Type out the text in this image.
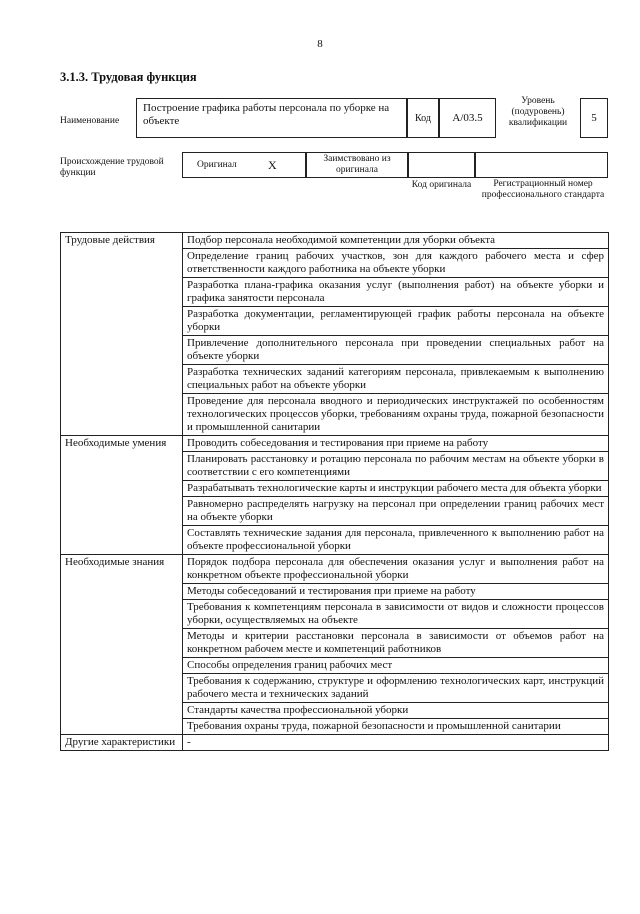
8
3.1.3. Трудовая функция
Наименование
Построение графика работы персонала по уборке на объекте	Код	А/03.5
Уровень (подуровень) квалификации	5
Происхождение трудовой функции
Оригинал	X	Заимствовано из оригинала
Код оригинала	Регистрационный номер профессионального стандарта
Трудовые действия	Подбор персонала необходимой компетенции для уборки объекта
	Определение границ рабочих участков, зон для каждого рабочего места и сфер ответственности каждого работника на объекте уборки
	Разработка плана-графика оказания услуг (выполнения работ) на объекте уборки и графика занятости персонала
	Разработка документации, регламентирующей график работы персонала на объекте уборки
	Привлечение дополнительного персонала при проведении специальных работ на объекте уборки
	Разработка технических заданий категориям персонала, привлекаемым к выполнению специальных работ на объекте уборки
	Проведение для персонала вводного и периодических инструктажей по особенностям технологических процессов уборки, требованиям охраны труда, пожарной безопасности и промышленной санитарии
Необходимые умения	Проводить собеседования и тестирования при приеме на работу
	Планировать расстановку и ротацию персонала по рабочим местам на объекте уборки в соответствии с его компетенциями
	Разрабатывать технологические карты и инструкции рабочего места для объекта уборки
	Равномерно распределять нагрузку на персонал при определении границ рабочих мест на объекте уборки
	Составлять технические задания для персонала, привлеченного к выполнению работ на объекте профессиональной уборки
Необходимые знания	Порядок подбора персонала для обеспечения оказания услуг и выполнения работ на конкретном объекте профессиональной уборки
	Методы собеседований и тестирования при приеме на работу
	Требования к компетенциям персонала в зависимости от видов и сложности процессов уборки, осуществляемых на объекте
	Методы и критерии расстановки персонала в зависимости от объемов работ на конкретном рабочем месте и компетенций работников
	Способы определения границ рабочих мест
	Требования к содержанию, структуре и оформлению технологических карт, инструкций рабочего места и технических заданий
	Стандарты качества профессиональной уборки
	Требования охраны труда, пожарной безопасности и промышленной санитарии
Другие характеристики	-
